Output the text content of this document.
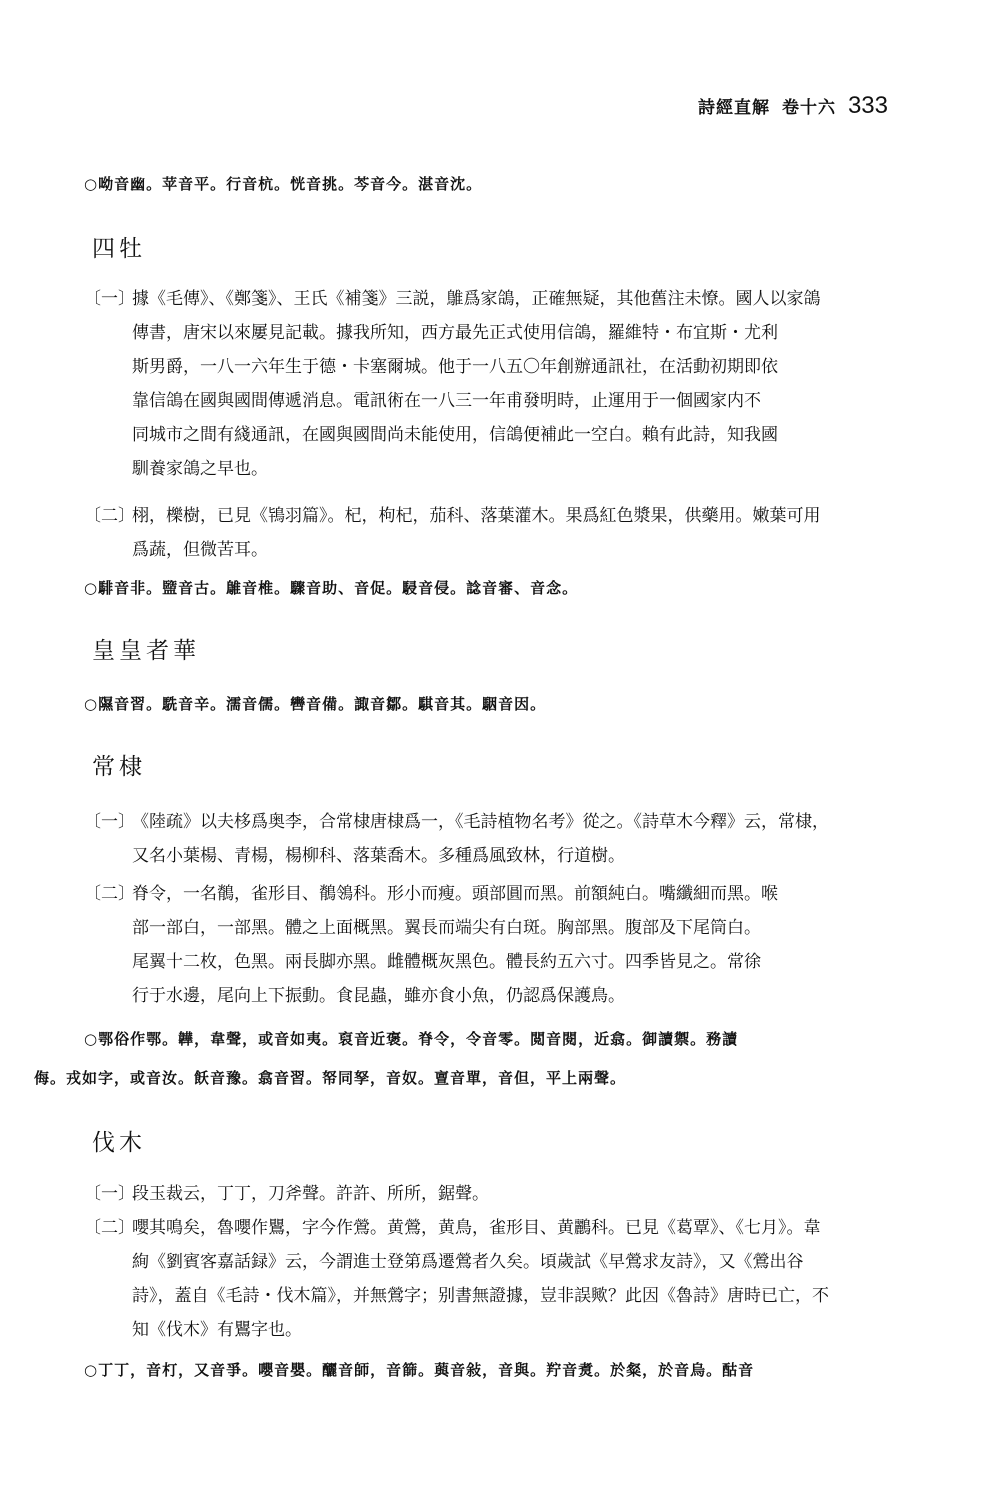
詩經直解 卷十六 333
○呦音幽。苹音平。行音杭。恍音挑。芩音今。湛音沈。
四牡
〔一〕
據《毛傳》、《鄭箋》、王氏《補箋》三説，鵻爲家鴿，正確無疑，其他舊注未憭。國人以家鴿
傳書，唐宋以來屢見記載。據我所知，西方最先正式使用信鴿，羅維特・布宜斯・尤利
斯男爵，一八一六年生于德・卡塞爾城。他于一八五〇年創辦通訊社，在活動初期即依
靠信鴿在國與國間傳遞消息。電訊術在一八三一年甫發明時，止運用于一個國家内不
同城市之間有綫通訊，在國與國間尚未能使用，信鴿便補此一空白。賴有此詩，知我國
馴養家鴿之早也。
〔二〕
栩，櫟樹，已見《鴇羽篇》。杞，枸杞，茄科、落葉灌木。果爲紅色漿果，供藥用。嫩葉可用
爲蔬，但微苦耳。
○騑音非。盬音古。鵻音椎。驟音助、音促。駸音侵。諗音審、音念。
皇皇者華
○隰音習。駪音辛。濡音儒。轡音備。諏音鄒。騏音其。駰音因。
常棣
〔一〕
《陸疏》以夫栘爲奥李，合常棣唐棣爲一，《毛詩植物名考》從之。《詩草木今釋》云，常棣，
又名小葉楊、青楊，楊柳科、落葉喬木。多種爲風致林，行道樹。
〔二〕
脊令，一名鶺，雀形目、鶺鴒科。形小而瘦。頭部圓而黑。前額純白。嘴纖細而黑。喉
部一部白，一部黑。體之上面概黑。翼長而端尖有白斑。胸部黑。腹部及下尾筒白。
尾翼十二枚，色黑。兩長脚亦黑。雌體概灰黑色。體長約五六寸。四季皆見之。常徐
行于水邊，尾向上下振動。食昆蟲，雖亦食小魚，仍認爲保護鳥。
○鄂俗作鄂。韡，韋聲，或音如夷。裒音近褒。脊令，令音零。閲音閱，近翕。御讀禦。務讀
侮。戎如字，或音汝。飫音豫。翕音習。帑同孥，音奴。亶音單，音但，平上兩聲。
伐木
〔一〕
段玉裁云，丁丁，刀斧聲。許許、所所，鋸聲。
〔二〕
嚶其鳴矣，魯嚶作鸎，字今作鶯。黄鶯，黄鳥，雀形目、黄鸝科。已見《葛覃》、《七月》。韋
絢《劉賓客嘉話録》云，今謂進士登第爲遷鶯者久矣。頃歲試《早鶯求友詩》，又《鶯出谷
詩》，蓋自《毛詩・伐木篇》，并無鶯字；别書無證據，豈非誤歟？此因《魯詩》唐時已亡，不
知《伐木》有鸎字也。
○丁丁，音朾，又音爭。嚶音嬰。釃音師，音篩。藇音敍，音與。羜音煑。於粲，於音烏。酤音
